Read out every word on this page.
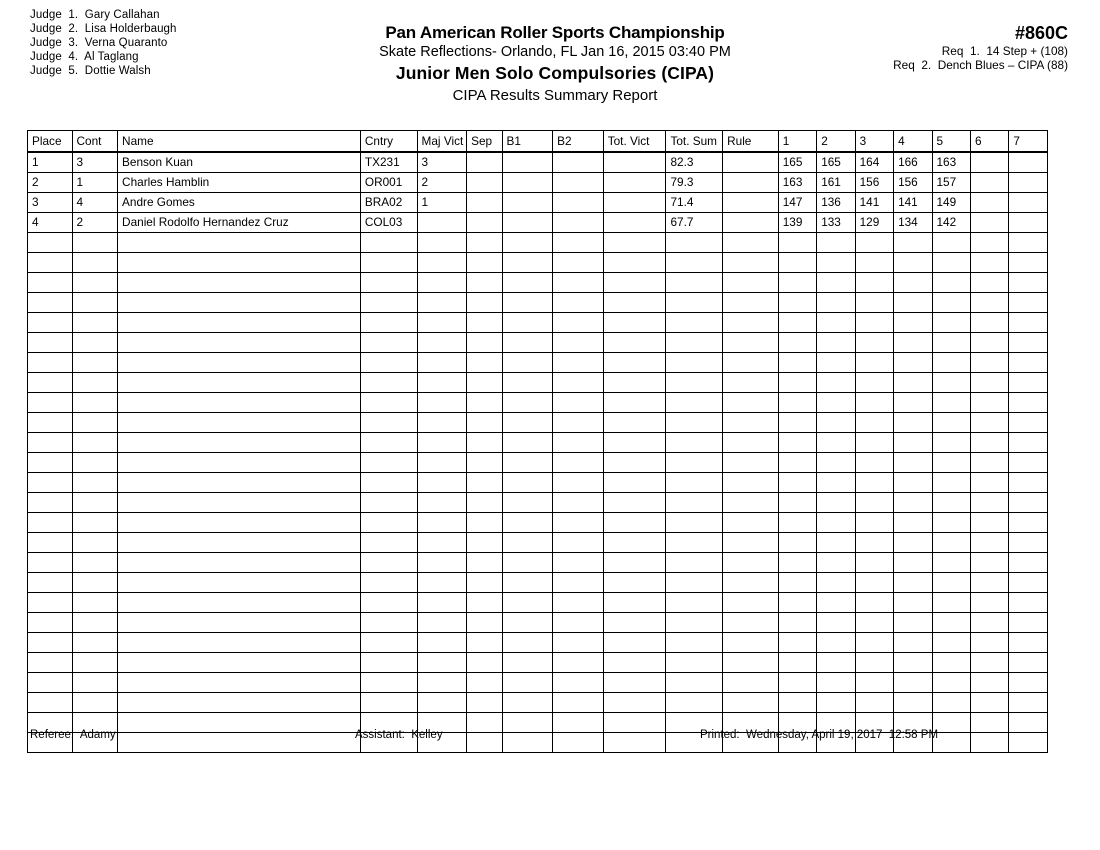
Judge  1.  Gary Callahan
Judge  2.  Lisa Holderbaugh
Judge  3.  Verna Quaranto
Judge  4.  Al Taglang
Judge  5.  Dottie Walsh
Pan American Roller Sports Championship
Skate Reflections- Orlando, FL Jan 16, 2015 03:40 PM
Junior Men Solo Compulsories (CIPA)
CIPA Results Summary Report
#860C
Req  1.  14 Step + (108)
Req  2.  Dench Blues – CIPA (88)
Place	Cont	Name	Cntry	Maj Vict	Sep	B1	B2	Tot. Vict	Tot. Sum	Rule	1	2	3	4	5	6	7
1	3	Benson Kuan	TX231	3					82.3		165	165	164	166	163		
2	1	Charles Hamblin	OR001	2					79.3		163	161	156	156	157		
3	4	Andre Gomes	BRA02	1					71.4		147	136	141	141	149		
4	2	Daniel Rodolfo Hernandez Cruz	COL03						67.7		139	133	129	134	142		

Referee:  Adamy	Assistant:  Kelley	Printed:  Wednesday, April 19, 2017  12:58 PM
